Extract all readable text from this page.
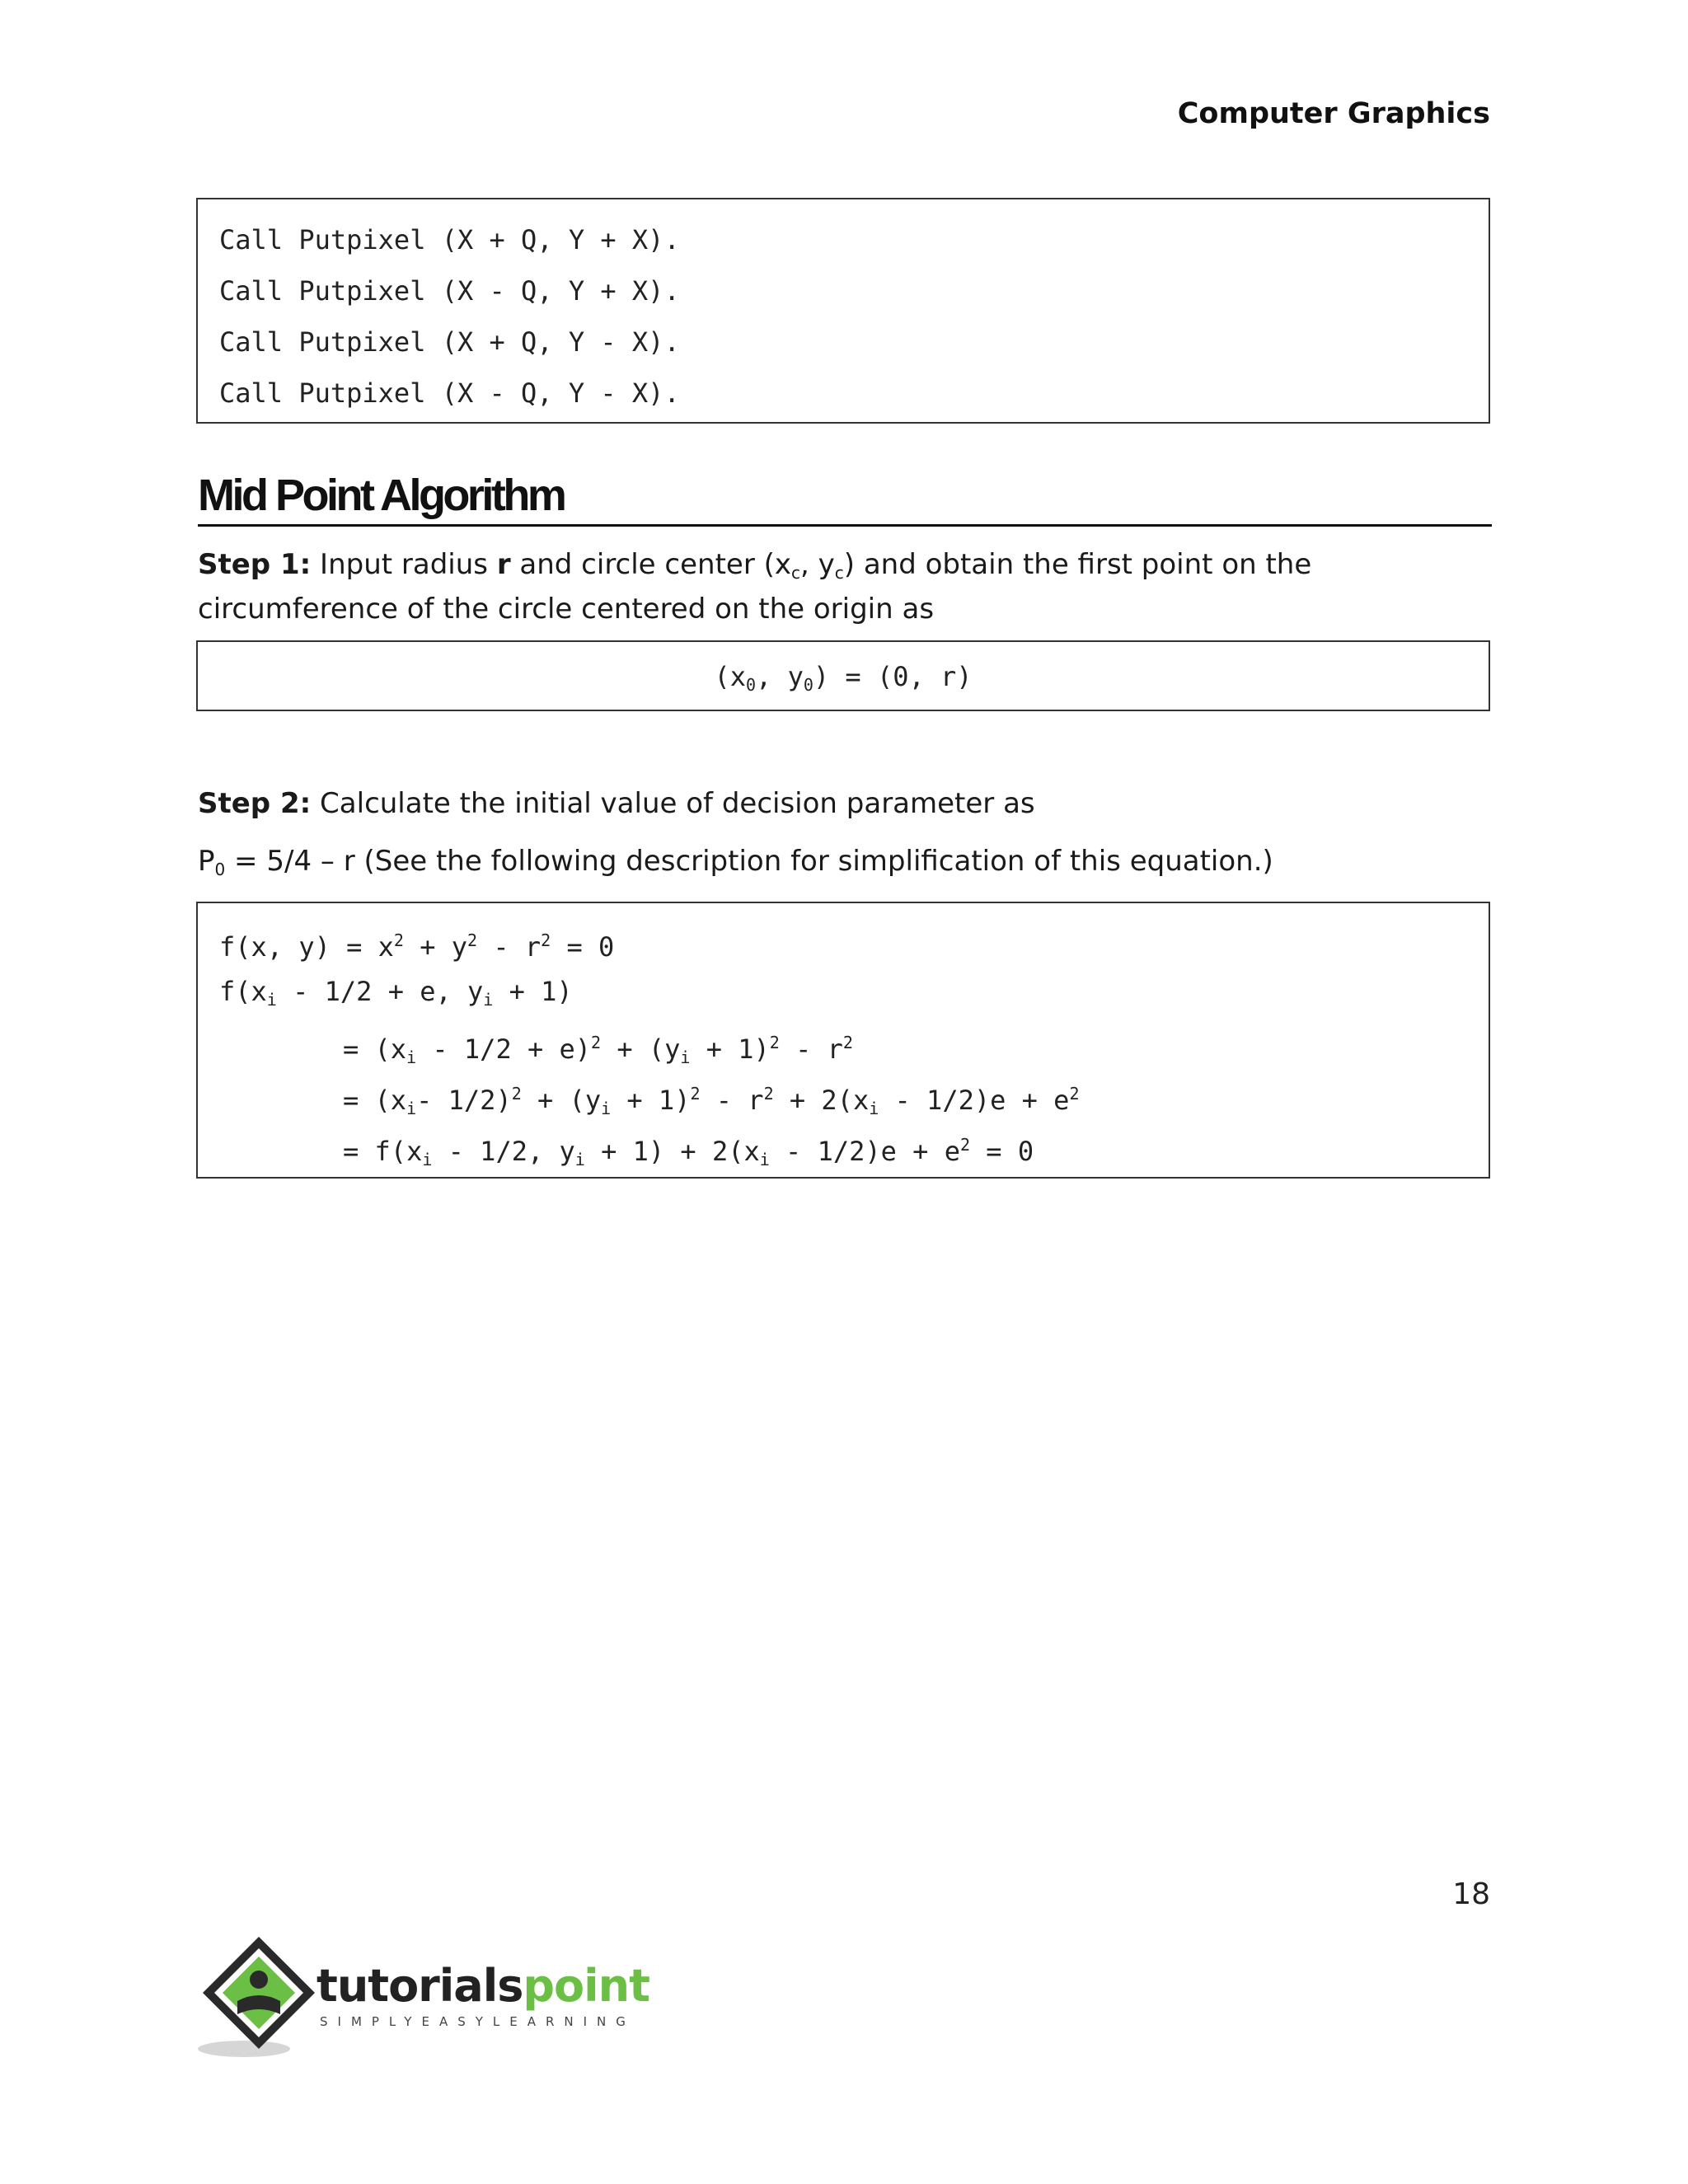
Computer Graphics
Call Putpixel (X + Q, Y + X).
Call Putpixel (X - Q, Y + X).
Call Putpixel (X + Q, Y - X).
Call Putpixel (X - Q, Y - X).
Mid Point Algorithm
Step 1: Input radius r and circle center ($x_c$, $y_c$) and obtain the first point on the circumference of the circle centered on the origin as
($x_0$, $y_0) = (0$, r)
Step 2: Calculate the initial value of decision parameter as
$P_0 = 5/4 - r$ (See the following description for simplification of this equation.)
f(x, $y) = x^2 + y^2 - r^2 = 0$
$f(x_i - 1/2 + e$, $y_i + 1$)
= $(x_i - 1/2 + e)^2 + (y_i + 1)^2 - r^2$
= ($x_i-$ $1/2)^2 + (y_i + 1)^2 - r^2 + 2(x_i - 1/2)e + e^2$
= $f(x_i - 1/2$, $y_i + 1) + 2(x_i - 1/2)e + e^2 = 0$
18
tutorialspoint
SIMPLYEASYLEARNING
